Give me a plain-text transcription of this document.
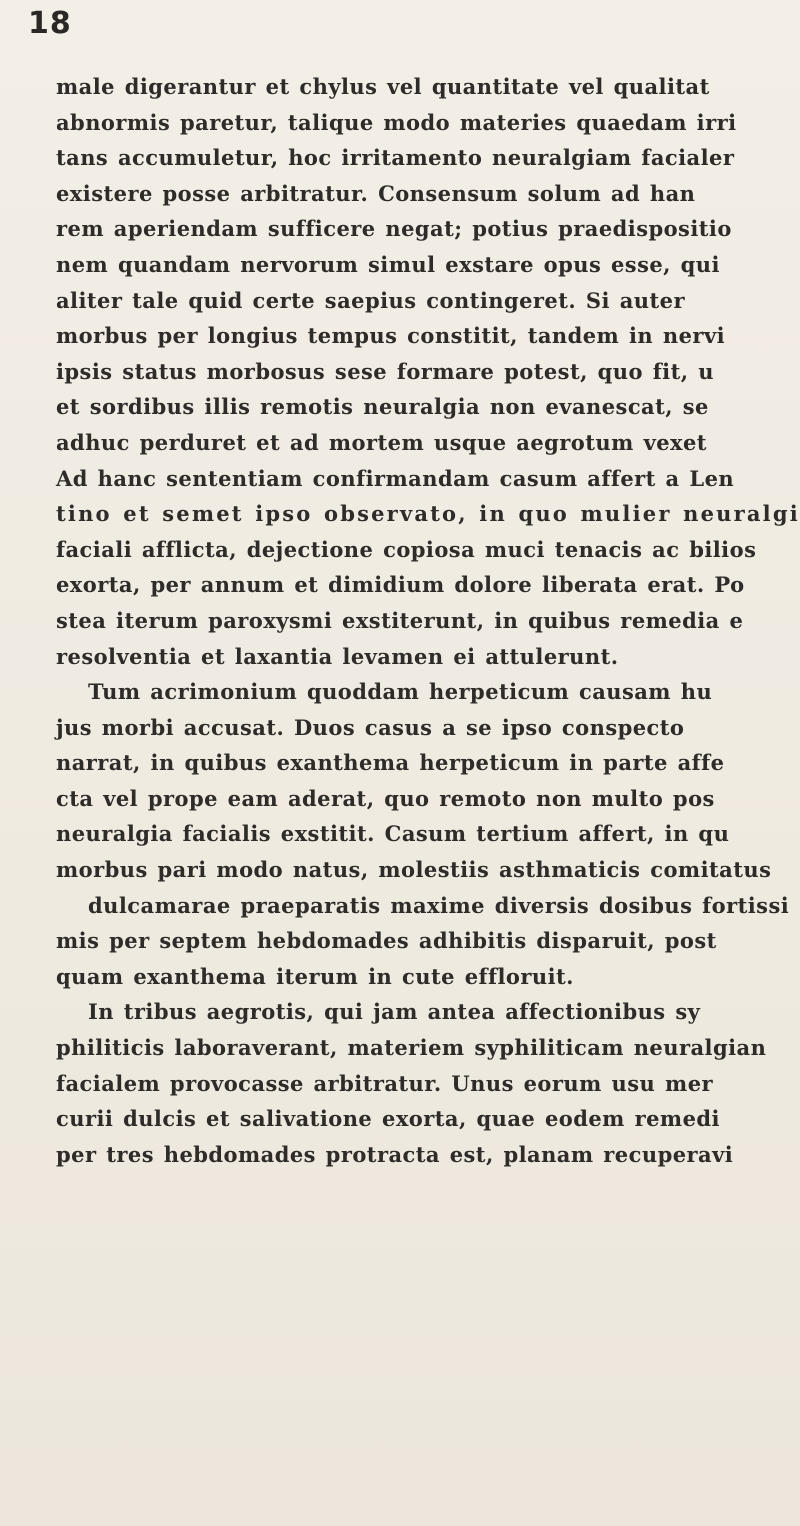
18
male digerantur et chylus vel quantitate vel qualitat
abnormis paretur, talique modo materies quaedam irri
tans accumuletur, hoc irritamento neuralgiam facialer
existere posse arbitratur. Consensum solum ad han
rem aperiendam sufficere negat; potius praedispositio
nem quandam nervorum simul exstare opus esse, qui
aliter tale quid certe saepius contingeret. Si auter
morbus per longius tempus constitit, tandem in nervi
ipsis status morbosus sese formare potest, quo fit, u
et sordibus illis remotis neuralgia non evanescat, se
adhuc perduret et ad mortem usque aegrotum vexet
Ad hanc sententiam confirmandam casum affert a Len
tino et semet ipso observato, in quo mulier neuralgi
faciali afflicta, dejectione copiosa muci tenacis ac bilios
exorta, per annum et dimidium dolore liberata erat. Po
stea iterum paroxysmi exstiterunt, in quibus remedia e
resolventia et laxantia levamen ei attulerunt.
Tum acrimonium quoddam herpeticum causam hu
jus morbi accusat. Duos casus a se ipso conspecto
narrat, in quibus exanthema herpeticum in parte affe
cta vel prope eam aderat, quo remoto non multo pos
neuralgia facialis exstitit. Casum tertium affert, in qu
morbus pari modo natus, molestiis asthmaticis comitatus
dulcamarae praeparatis maxime diversis dosibus fortissi
mis per septem hebdomades adhibitis disparuit, post
quam exanthema iterum in cute effloruit.
In tribus aegrotis, qui jam antea affectionibus sy
philiticis laboraverant, materiem syphiliticam neuralgian
facialem provocasse arbitratur. Unus eorum usu mer
curii dulcis et salivatione exorta, quae eodem remedi
per tres hebdomades protracta est, planam recuperavi
